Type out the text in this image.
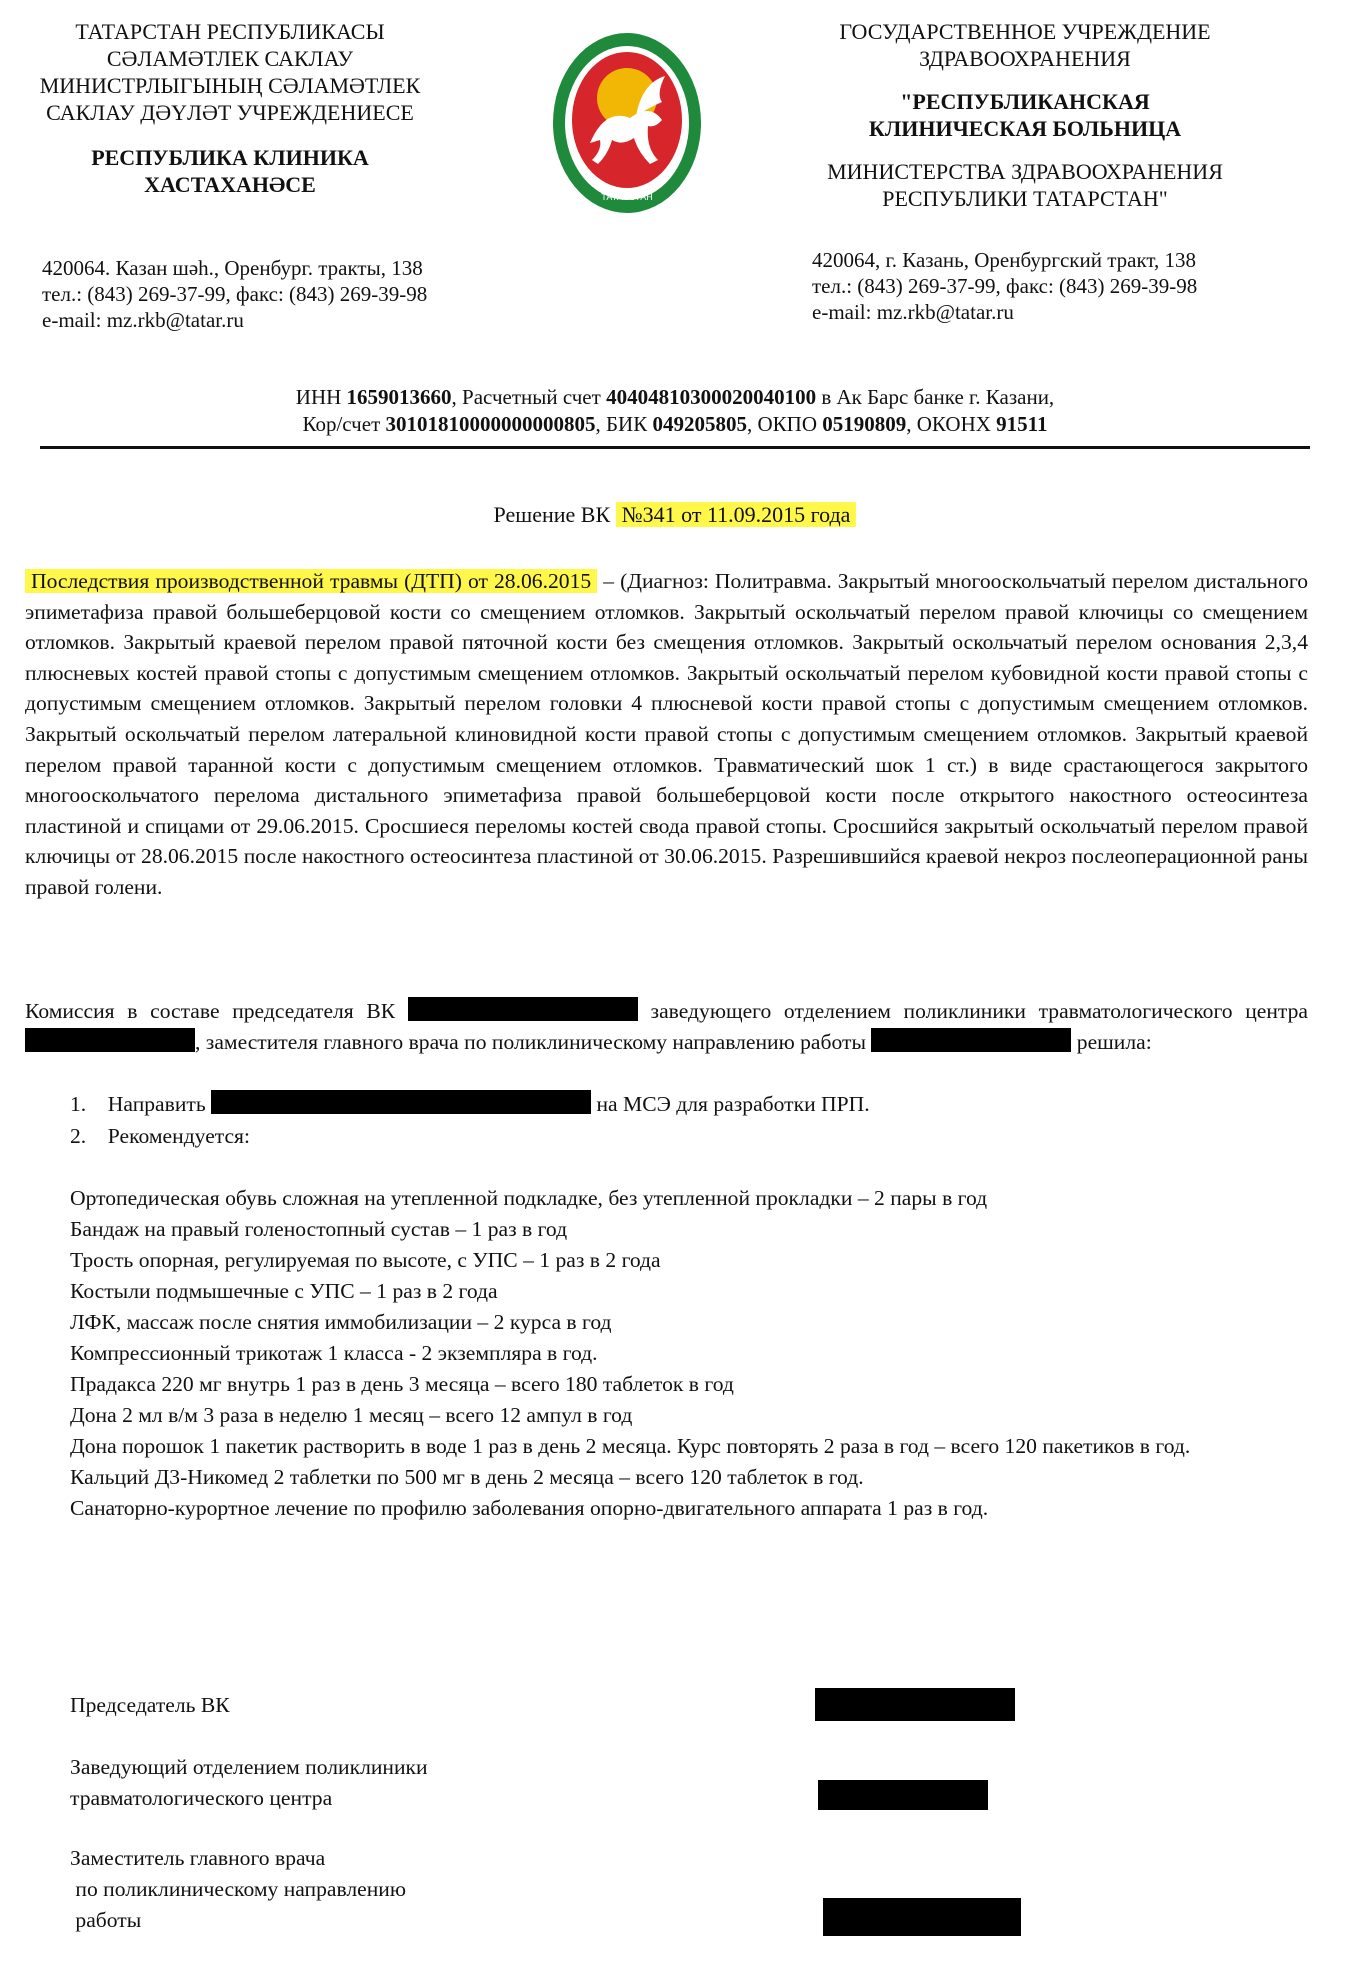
ТАТАРСТАН РЕСПУБЛИКАСЫ
СӘЛАМӘТЛЕК САКЛАУ
МИНИСТРЛЫГЫНЫҢ СӘЛАМӘТЛЕК
САКЛАУ ДӘҮЛӘТ УЧРЕЖДЕНИЕСЕ
РЕСПУБЛИКА КЛИНИКА
ХАСТАХАНӘСЕ
420064. Казан шәһ., Оренбург. тракты, 138
тел.: (843) 269-37-99, факс: (843) 269-39-98
e-mail: mz.rkb@tatar.ru
ТАТАРСТАН
ГОСУДАРСТВЕННОЕ УЧРЕЖДЕНИЕ
ЗДРАВООХРАНЕНИЯ
"РЕСПУБЛИКАНСКАЯ
КЛИНИЧЕСКАЯ БОЛЬНИЦА
МИНИСТЕРСТВА ЗДРАВООХРАНЕНИЯ
РЕСПУБЛИКИ ТАТАРСТАН"
420064, г. Казань, Оренбургский тракт, 138
тел.: (843) 269-37-99, факс: (843) 269-39-98
e-mail: mz.rkb@tatar.ru
ИНН 1659013660, Расчетный счет 40404810300020040100 в Ак Барс банке г. Казани,
Кор/счет 30101810000000000805, БИК 049205805, ОКПО 05190809, ОКОНХ 91511
Решение ВК №341 от 11.09.2015 года
Последствия производственной травмы (ДТП) от 28.06.2015 – (Диагноз: Политравма. Закрытый многооскольчатый перелом дистального эпиметафиза правой большеберцовой кости со смещением отломков. Закрытый оскольчатый перелом правой ключицы со смещением отломков. Закрытый краевой перелом правой пяточной кости без смещения отломков. Закрытый оскольчатый перелом основания 2,3,4 плюсневых костей правой стопы с допустимым смещением отломков. Закрытый оскольчатый перелом кубовидной кости правой стопы с допустимым смещением отломков. Закрытый перелом головки 4 плюсневой кости правой стопы с допустимым смещением отломков. Закрытый оскольчатый перелом латеральной клиновидной кости правой стопы с допустимым смещением отломков. Закрытый краевой перелом правой таранной кости с допустимым смещением отломков. Травматический шок 1 ст.) в виде срастающегося закрытого многооскольчатого перелома дистального эпиметафиза правой большеберцовой кости после открытого накостного остеосинтеза пластиной и спицами от 29.06.2015. Сросшиеся переломы костей свода правой стопы. Сросшийся закрытый оскольчатый перелом правой ключицы от 28.06.2015 после накостного остеосинтеза пластиной от 30.06.2015. Разрешившийся краевой некроз послеоперационной раны правой голени.
Комиссия в составе председателя ВК	заведующего отделением поликлиники травматологического центра , заместителя главного врача по поликлиническому направлению работы	решила:
1. Направить	на МСЭ для разработки ПРП.
2. Рекомендуется:
Ортопедическая обувь сложная на утепленной подкладке, без утепленной прокладки – 2 пары в год
Бандаж на правый голеностопный сустав – 1 раз в год
Трость опорная, регулируемая по высоте, с УПС – 1 раз в 2 года
Костыли подмышечные с УПС – 1 раз в 2 года
ЛФК, массаж после снятия иммобилизации – 2 курса в год
Компрессионный трикотаж 1 класса - 2 экземпляра в год.
Прадакса 220 мг внутрь 1 раз в день 3 месяца – всего 180 таблеток в год
Дона 2 мл в/м 3 раза в неделю 1 месяц – всего 12 ампул в год
Дона порошок 1 пакетик растворить в воде 1 раз в день 2 месяца. Курс повторять 2 раза в год – всего 120 пакетиков в год.
Кальций Д3-Никомед 2 таблетки по 500 мг в день 2 месяца – всего 120 таблеток в год.
Санаторно-курортное лечение по профилю заболевания опорно-двигательного аппарата 1 раз в год.
Председатель ВК
Заведующий отделением поликлиники
травматологического центра
Заместитель главного врача
по поликлиническому направлению
работы
